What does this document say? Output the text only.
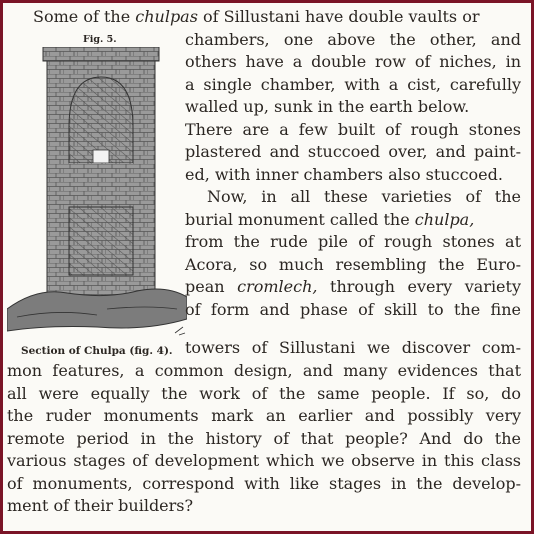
Fig. 5.
Section of Chulpa (fig. 4).
Some of the chulpas of Sillustani have double vaults or
chambers, one above the other, and
others have a double row of niches, in
a single chamber, with a cist, carefully
walled up, sunk in the earth below.
There are a few built of rough stones
plastered and stuccoed over, and paint-
ed, with inner chambers also stuccoed.
Now, in all these varieties of the
burial monument called the chulpa,
from the rude pile of rough stones at
Acora, so much resembling the Euro-
pean cromlech, through every variety
of form and phase of skill to the fine
towers of Sillustani we discover com-
mon features, a common design, and many evidences that
all were equally the work of the same people. If so, do
the ruder monuments mark an earlier and possibly very
remote period in the history of that people? And do the
various stages of development which we observe in this class
of monuments, correspond with like stages in the develop-
ment of their builders?
